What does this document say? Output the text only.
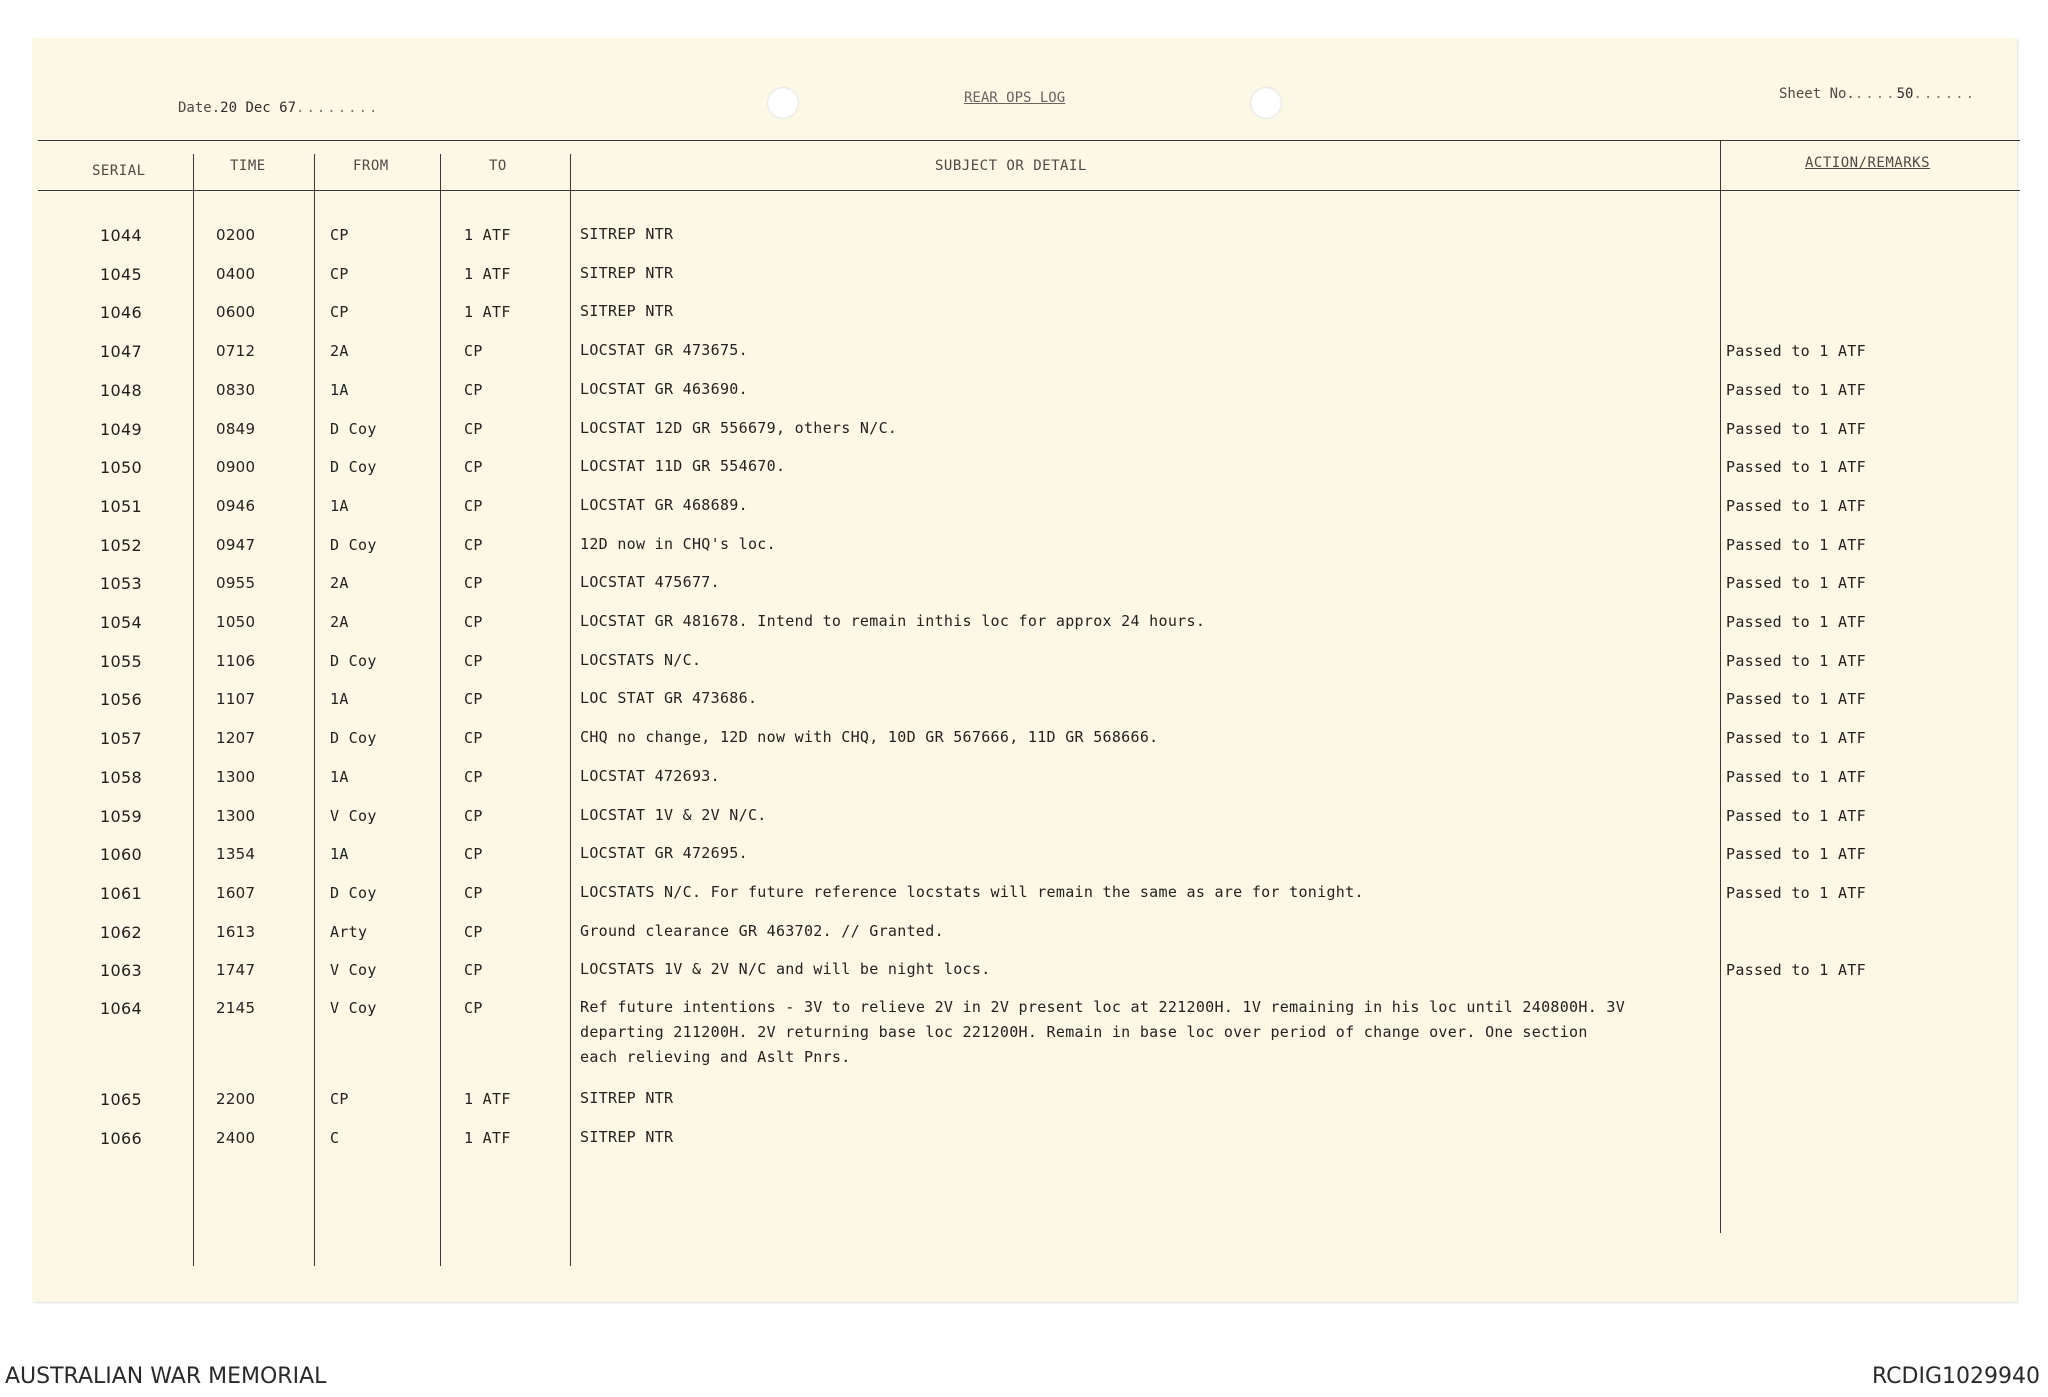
Date.20 Dec 67........
REAR OPS LOG	Sheet No.....50......
SERIAL	TIME	FROM	TO	SUBJECT OR DETAIL	ACTION/REMARKS
1044	0200	CP	1 ATF	SITREP NTR
1045	0400	CP	1 ATF	SITREP NTR
1046	0600	CP	1 ATF	SITREP NTR
1047	0712	2A	CP	LOCSTAT GR 473675.	Passed to 1 ATF
1048	0830	1A	CP	LOCSTAT GR 463690.	Passed to 1 ATF
1049	0849	D Coy	CP	LOCSTAT 12D GR 556679, others N/C.	Passed to 1 ATF
1050	0900	D Coy	CP	LOCSTAT 11D GR 554670.	Passed to 1 ATF
1051	0946	1A	CP	LOCSTAT GR 468689.	Passed to 1 ATF
1052	0947	D Coy	CP	12D now in CHQ's loc.	Passed to 1 ATF
1053	0955	2A	CP	LOCSTAT 475677.	Passed to 1 ATF
1054	1050	2A	CP	LOCSTAT GR 481678. Intend to remain inthis loc for approx 24 hours.	Passed to 1 ATF
1055	1106	D Coy	CP	LOCSTATS N/C.	Passed to 1 ATF
1056	1107	1A	CP	LOC STAT GR 473686.	Passed to 1 ATF
1057	1207	D Coy	CP	CHQ no change, 12D now with CHQ, 10D GR 567666, 11D GR 568666.	Passed to 1 ATF
1058	1300	1A	CP	LOCSTAT 472693.	Passed to 1 ATF
1059	1300	V Coy	CP	LOCSTAT 1V & 2V N/C.	Passed to 1 ATF
1060	1354	1A	CP	LOCSTAT GR 472695.	Passed to 1 ATF
1061	1607	D Coy	CP	LOCSTATS N/C. For future reference locstats will remain the same as are for tonight.	Passed to 1 ATF
1062	1613	Arty	CP	Ground clearance GR 463702. // Granted.
1063	1747	V Coy	CP	LOCSTATS 1V & 2V N/C and will be night locs.	Passed to 1 ATF
1064	2145	V Coy	CP	Ref future intentions - 3V to relieve 2V in 2V present loc at 221200H. 1V remaining in his loc until 240800H. 3V
departing 211200H. 2V returning base loc 221200H. Remain in base loc over period of change over. One section
each relieving and Aslt Pnrs.
1065	2200	CP	1 ATF	SITREP NTR
1066	2400	C	1 ATF	SITREP NTR
AUSTRALIAN WAR MEMORIAL	RCDIG1029940
